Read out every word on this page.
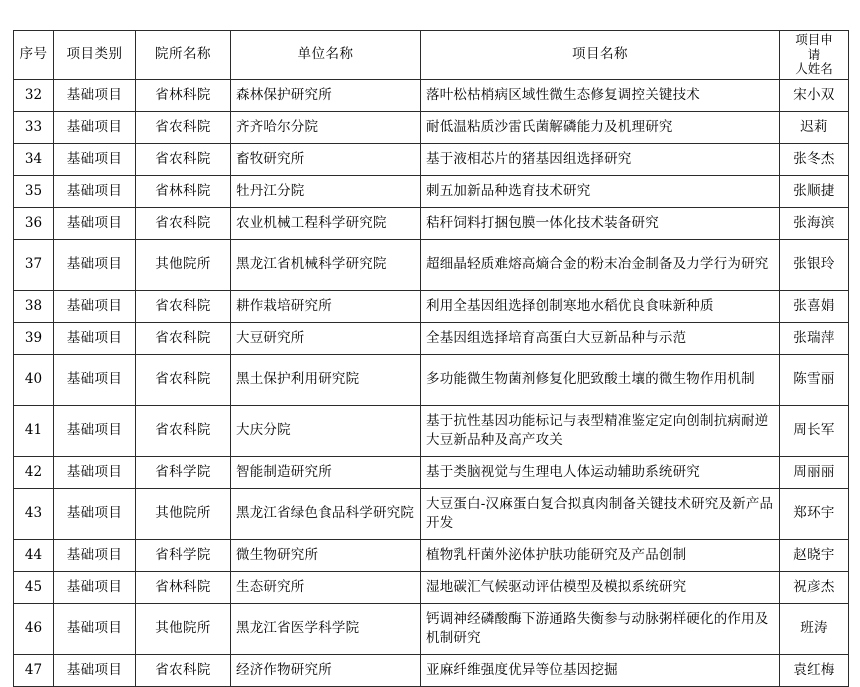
序号	项目类别	院所名称	单位名称	项目名称	项目申
请
人姓名

32	基础项目	省林科院	森林保护研究所	落叶松枯梢病区域性微生态修复调控关键技术	宋小双
33	基础项目	省农科院	齐齐哈尔分院	耐低温粘质沙雷氏菌解磷能力及机理研究	迟莉
34	基础项目	省农科院	畜牧研究所	基于液相芯片的猪基因组选择研究	张冬杰
35	基础项目	省林科院	牡丹江分院	刺五加新品种选育技术研究	张顺捷
36	基础项目	省农科院	农业机械工程科学研究院	秸秆饲料打捆包膜一体化技术装备研究	张海滨
37	基础项目	其他院所	黑龙江省机械科学研究院	超细晶轻质难熔高熵合金的粉末冶金制备及力学行为研究	张银玲
38	基础项目	省农科院	耕作栽培研究所	利用全基因组选择创制寒地水稻优良食味新种质	张喜娟
39	基础项目	省农科院	大豆研究所	全基因组选择培育高蛋白大豆新品种与示范	张瑞萍
40	基础项目	省农科院	黑土保护利用研究院	多功能微生物菌剂修复化肥致酸土壤的微生物作用机制	陈雪丽
41	基础项目	省农科院	大庆分院	基于抗性基因功能标记与表型精准鉴定定向创制抗病耐逆大豆新品种及高产攻关	周长军
42	基础项目	省科学院	智能制造研究所	基于类脑视觉与生理电人体运动辅助系统研究	周丽丽
43	基础项目	其他院所	黑龙江省绿色食品科学研究院	大豆蛋白-汉麻蛋白复合拟真肉制备关键技术研究及新产品开发	郑环宇
44	基础项目	省科学院	微生物研究所	植物乳杆菌外泌体护肤功能研究及产品创制	赵晓宇
45	基础项目	省林科院	生态研究所	湿地碳汇气候驱动评估模型及模拟系统研究	祝彦杰
46	基础项目	其他院所	黑龙江省医学科学院	钙调神经磷酸酶下游通路失衡参与动脉粥样硬化的作用及机制研究	班涛
47	基础项目	省农科院	经济作物研究所	亚麻纤维强度优异等位基因挖掘	袁红梅
